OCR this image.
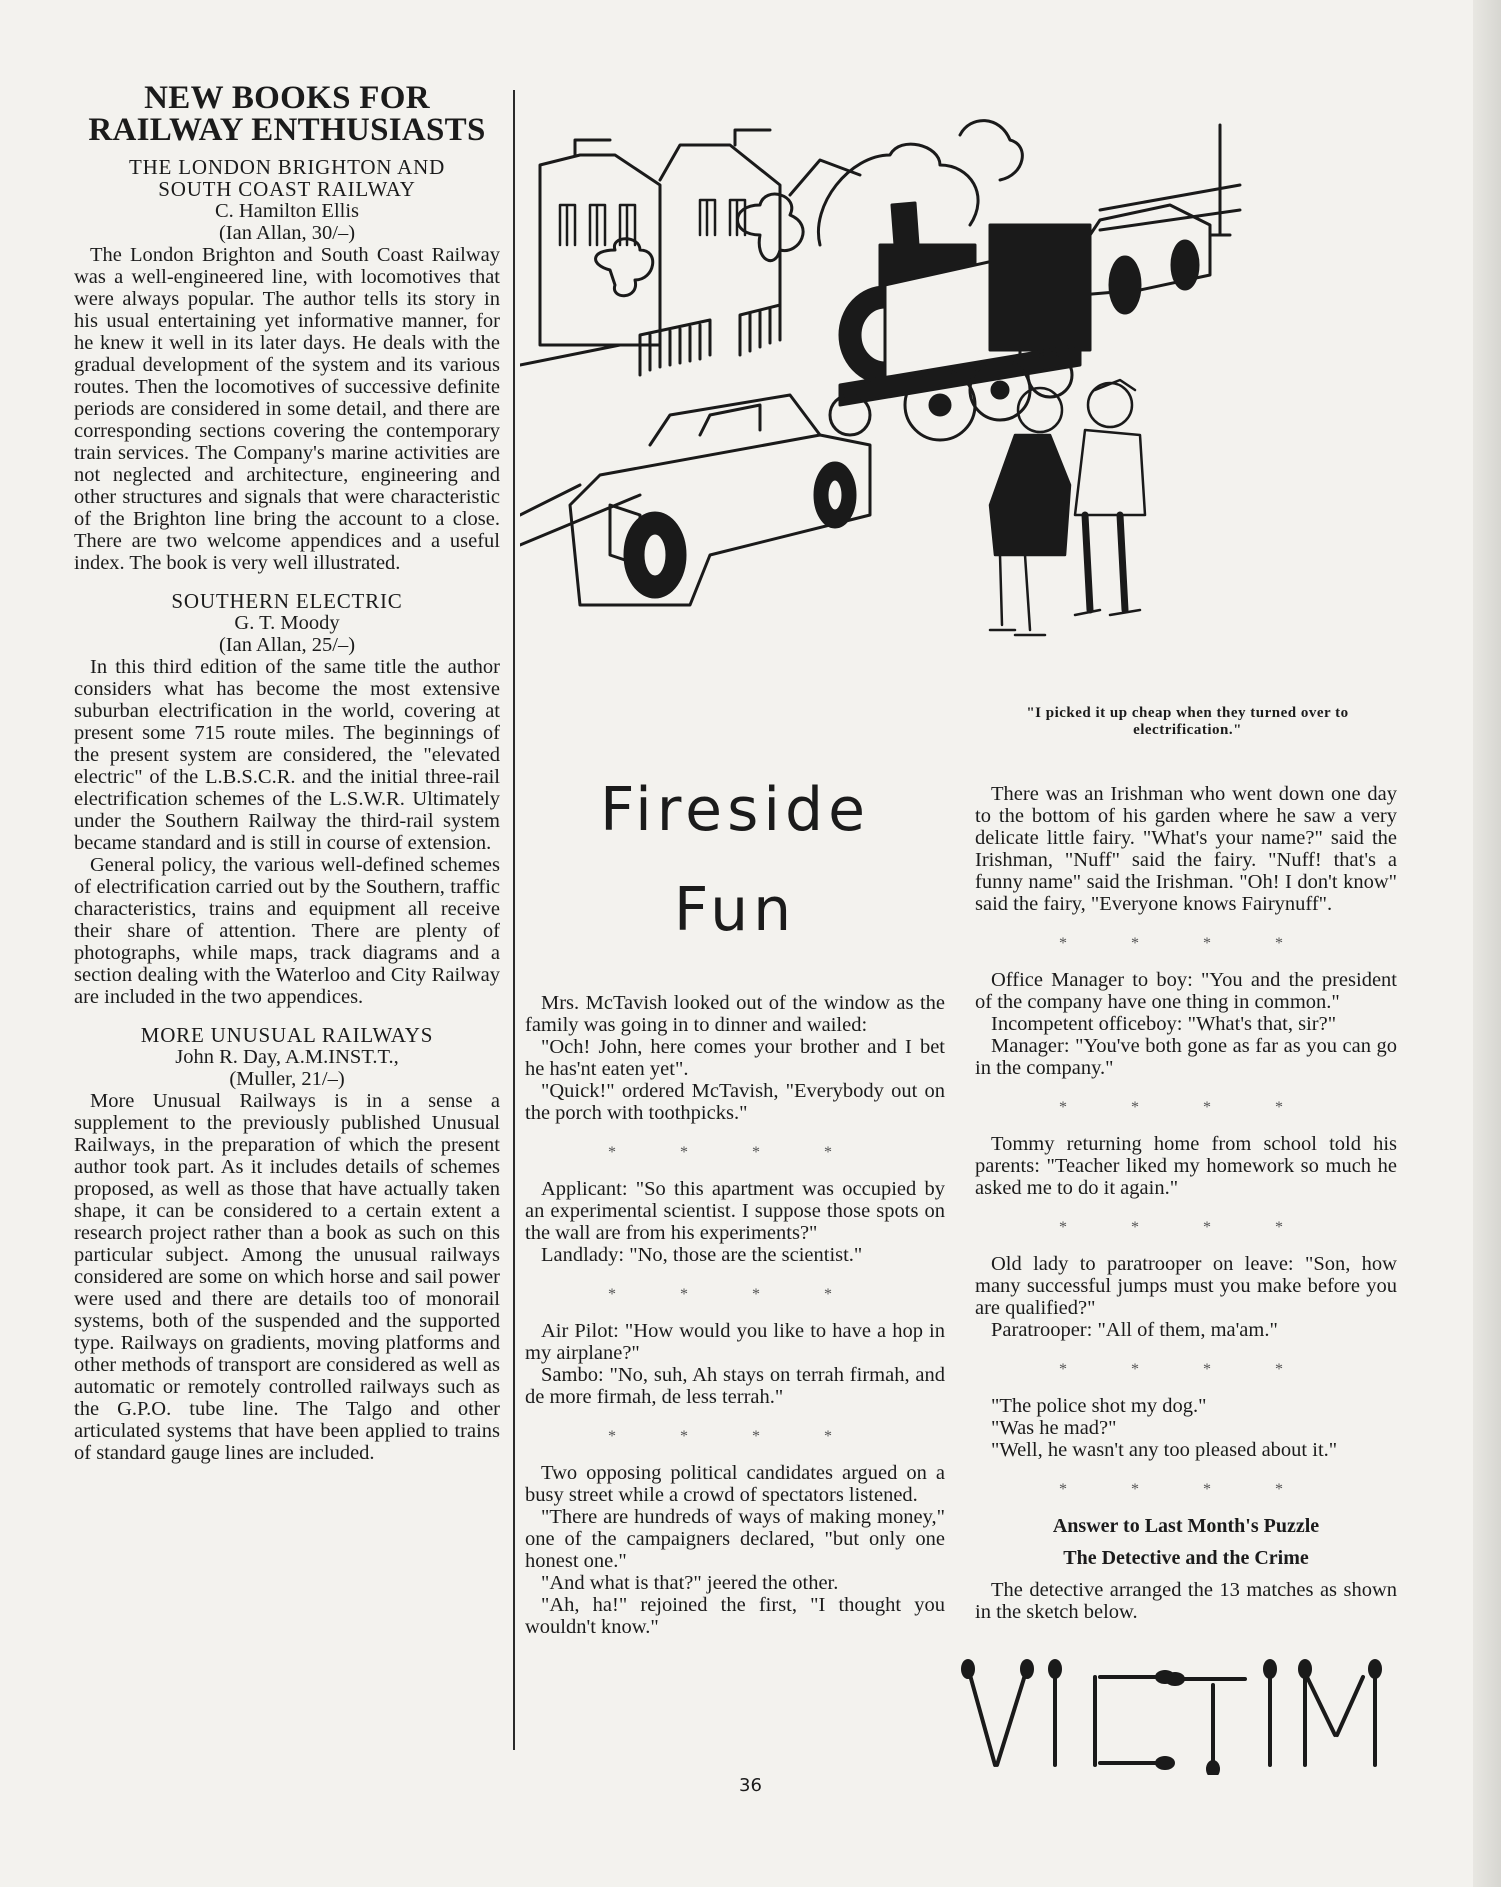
NEW BOOKS FOR
RAILWAY ENTHUSIASTS
THE LONDON BRIGHTON AND
SOUTH COAST RAILWAY
C. Hamilton Ellis
(Ian Allan, 30/–)

The London Brighton and South Coast Railway was a well-engineered line, with locomotives that were always popular. The author tells its story in his usual entertaining yet informative manner, for he knew it well in its later days. He deals with the gradual development of the system and its various routes. Then the locomotives of successive definite periods are considered in some detail, and there are corresponding sections covering the contemporary train services. The Company's marine activities are not neglected and architecture, engineering and other structures and signals that were characteristic of the Brighton line bring the account to a close. There are two welcome appendices and a useful index. The book is very well illustrated.

SOUTHERN ELECTRIC
G. T. Moody
(Ian Allan, 25/–)

In this third edition of the same title the author considers what has become the most extensive suburban electrification in the world, covering at present some 715 route miles. The beginnings of the present system are considered, the "elevated electric" of the L.B.S.C.R. and the initial three-rail electrification schemes of the L.S.W.R. Ultimately under the Southern Railway the third-rail system became standard and is still in course of extension.

General policy, the various well-defined schemes of electrification carried out by the Southern, traffic characteristics, trains and equipment all receive their share of attention. There are plenty of photographs, while maps, track diagrams and a section dealing with the Waterloo and City Railway are included in the two appendices.

MORE UNUSUAL RAILWAYS
John R. Day, A.M.INST.T.,
(Muller, 21/–)

More Unusual Railways is in a sense a supplement to the previously published Unusual Railways, in the preparation of which the present author took part. As it includes details of schemes proposed, as well as those that have actually taken shape, it can be considered to a certain extent a research project rather than a book as such on this particular subject. Among the unusual railways considered are some on which horse and sail power were used and there are details too of monorail systems, both of the suspended and the supported type. Railways on gradients, moving platforms and other methods of transport are considered as well as automatic or remotely controlled railways such as the G.P.O. tube line. The Talgo and other articulated systems that have been applied to trains of standard gauge lines are included.

"I picked it up cheap when they turned over to electrification."
Fireside
Fun

Mrs. McTavish looked out of the window as the family was going in to dinner and wailed:

"Och! John, here comes your brother and I bet he has'nt eaten yet".

"Quick!" ordered McTavish, "Everybody out on the porch with toothpicks."

* * * *

Applicant: "So this apartment was occupied by an experimental scientist. I suppose those spots on the wall are from his experiments?"

Landlady: "No, those are the scientist."

* * * *

Air Pilot: "How would you like to have a hop in my airplane?"

Sambo: "No, suh, Ah stays on terrah firmah, and de more firmah, de less terrah."

* * * *

Two opposing political candidates argued on a busy street while a crowd of spectators listened.

"There are hundreds of ways of making money," one of the campaigners declared, "but only one honest one."

"And what is that?" jeered the other.

"Ah, ha!" rejoined the first, "I thought you wouldn't know."

There was an Irishman who went down one day to the bottom of his garden where he saw a very delicate little fairy. "What's your name?" said the Irishman, "Nuff" said the fairy. "Nuff! that's a funny name" said the Irishman. "Oh! I don't know" said the fairy, "Everyone knows Fairynuff".

* * * *

Office Manager to boy: "You and the president of the company have one thing in common."

Incompetent officeboy: "What's that, sir?"

Manager: "You've both gone as far as you can go in the company."

* * * *

Tommy returning home from school told his parents: "Teacher liked my homework so much he asked me to do it again."

* * * *

Old lady to paratrooper on leave: "Son, how many successful jumps must you make before you are qualified?"

Paratrooper: "All of them, ma'am."

* * * *

"The police shot my dog."

"Was he mad?"

"Well, he wasn't any too pleased about it."

* * * *
Answer to Last Month's Puzzle
The Detective and the Crime

The detective arranged the 13 matches as shown in the sketch below.

36
